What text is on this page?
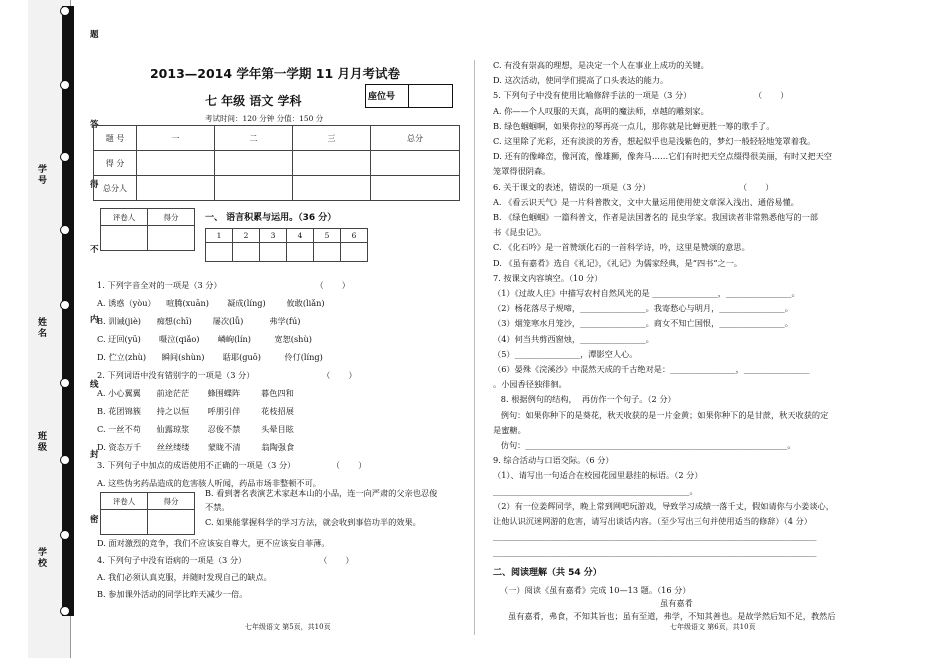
题
答
得
不
内
线
封
密
学号
姓名
班级
学校
2013—2014 学年第一学期 11 月月考试卷
七 年级 语文 学科	座位号
考试时间：120 分钟 分值：150 分
题 号	一	二	三	总分
得 分				
总分人				
评卷人	得分
		一、 语言积累与运用。（36 分）
1	2	3	4	5	6

1. 下列字音全对的一项是（3 分）                                    （       ）
A. 诱惑（yòu）    喧腾(xuān)       凝成(líng)        攸敢(liǎn)
B. 训诫(jiè)      痴想(chī)        屡次(lǚ)          弗学(fú)
C. 迂回(yū)       嗫泣(qiǎo)       嶙峋(lín)         宽恕(shù)
D. 伫立(zhù)      瞬间(shùn)       聒耶(guō)         伶仃(líng)
2. 下列词语中没有错别字的一项是（3 分）                          （       ）
A. 小心翼翼      前途茫茫       蜂围蝶阵        暮色四和
B. 花团锦簇      持之以恒       呼朋引伴        花枝招展
C. 一丝不苟      仙露琼浆       忍俊不禁        头晕目眩
D. 资态万千      丝丝缕缕       蒙眬不清        翁陶强食
3. 下列句子中加点的成语使用不正确的一项是（3 分）              （       ）
A. 这些伪劣药品造成的危害骇人听闻，药品市场非整顿不可。
评卷人	得分

B. 看到著名表演艺术家赵本山的小品，连一向严肃的父亲也忍俊
不禁。
C. 如果能掌握科学的学习方法，就会收到事倍功半的效果。
D. 面对激烈的竞争，我们不应该妄自尊大，更不应该妄自菲薄。
4. 下列句子中没有语病的一项是（3 分）                            （       ）
A. 我们必须认真克服，并随时发现自己的缺点。
B. 参加课外活动的同学比昨天减少一倍。
七年级语文 第5页，共10页
C. 有没有崇高的理想，是决定一个人在事业上成功的关键。
D. 这次活动，使同学们提高了口头表达的能力。
5. 下列句子中没有使用比喻修辞手法的一项是（3 分）                        （       ）
A. 你——个人叹服的天真，高明的魔法师，卓越的雕刻家。
B. 绿色蝈蝈啊，如果你拉的琴再亮一点儿，那你就是比蝉更胜一筹的歌手了。
C. 这里除了光彩，还有淡淡的芳香，想起似乎也是浅紫色的，梦幻一般轻轻地笼罩着我。
D. 还有的像峰峦，像河流，像雄狮，像奔马……它们有时把天空点缀得很美丽，有时又把天空
笼罩得很阴森。
6. 关于课文的表述，错误的一项是（3 分）                                  （       ）
A. 《看云识天气》是一片科普散文，文中大量运用使用使文章深入浅出、通俗易懂。
B. 《绿色蝈蝈》一篇科普文，作者是法国著名的 昆虫学家。我国读者非常熟悉他写的一部
书《昆虫记》。
C. 《化石吟》是一首赞颂化石的一首科学诗，吟，这里是赞颂的意思。
D. 《虽有嘉肴》选自《礼记》，《礼记》为儒家经典，是“四书”之一。
7. 按课文内容填空。（10 分）
（1）《过故人庄》中描写农村自然风光的是 ________________，________________。
（2）杨花落尽子规啼，________________。我寄愁心与明月，________________。
（3）烟笼寒水月笼沙，________________。商女不知亡国恨，________________。
（4）何当共剪西窗烛，________________。
（5）________________，潭影空人心。
（6）晏殊《浣溪沙》中混然天成的千古绝对是：________________，________________
。小园香径独徘徊。
8. 根据例句的结构，  再仿作一个句子。（2 分）
例句：如果你种下的是葵花，秋天收获的是一片金黄；如果你种下的是甘蔗，秋天收获的定
是蜜糖。
仿句：________________________________________________________________。
9. 综合活动与口语交际。（6 分）
（1）、请写出一句适合在校园花园里悬挂的标语。（2 分）
________________________________________________。
（2）有一位姜辉同学，晚上常到网吧玩游戏，导致学习成绩一落千丈，假如请你与小姜谈心，
让他认识沉迷网游的危害，请写出谈话内容。（至少写出三句并使用适当的修辞）（4 分）
_______________________________________________________________________________
_______________________________________________________________________________
二、阅读理解（共 54 分）
（一）阅读《虽有嘉肴》完成 10—13 题。（16 分）
虽有嘉肴
虽有嘉肴，弗食，不知其旨也；虽有至道，弗学，不知其善也。是故学然后知不足，教然后
七年级语文 第6页，共10页
